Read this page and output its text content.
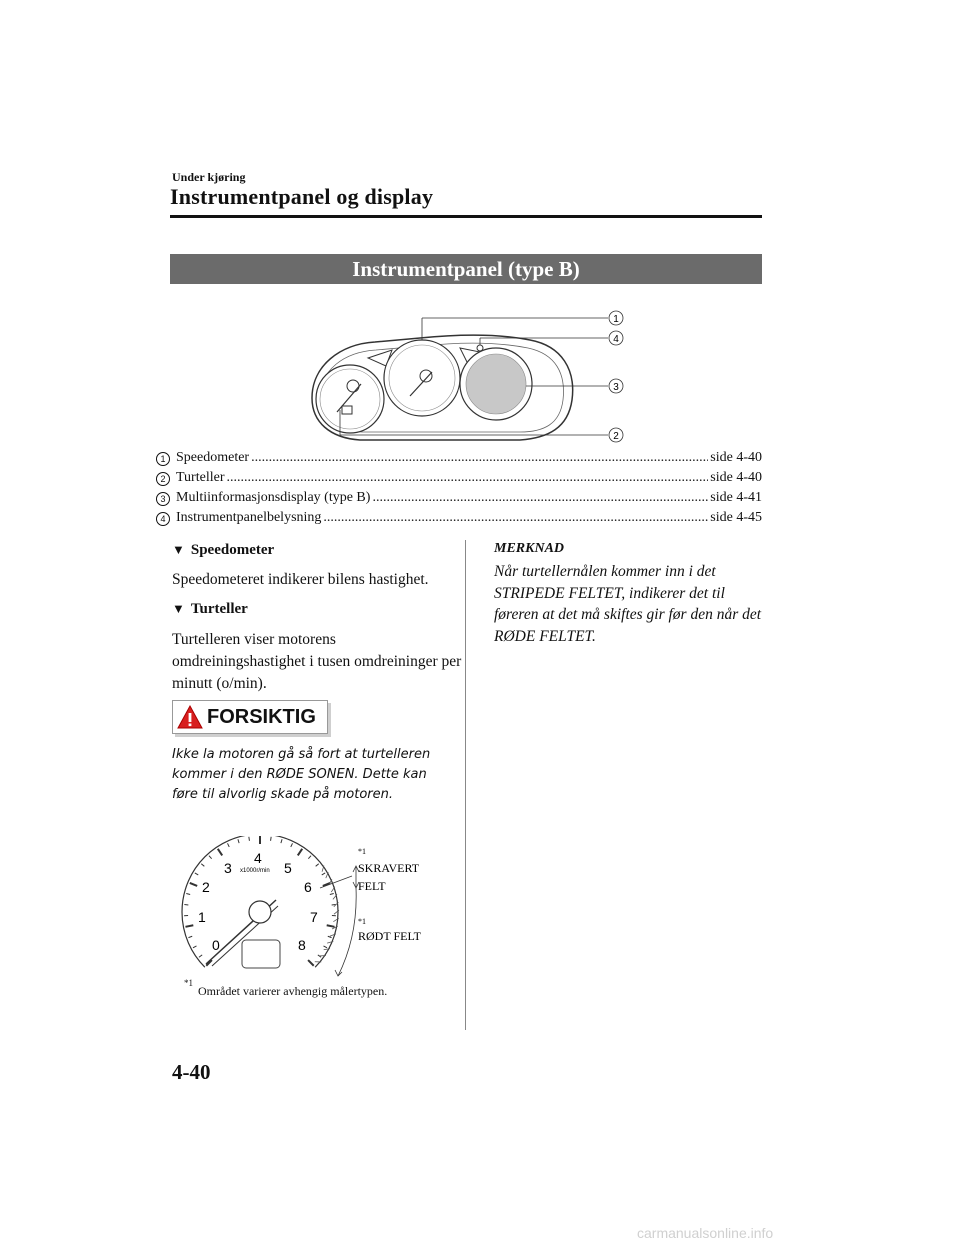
Under kjøring
Instrumentpanel og display
Instrumentpanel (type B)
1
4
3
2
1 Speedometer .....	side 4-40
2 Turteller .....	side 4-40
3 Multiinformasjonsdisplay (type B) .....	side 4-41
4 Instrumentpanelbelysning .....	side 4-45
▼ Speedometer
Speedometeret indikerer bilens hastighet.
▼ Turteller
Turtelleren viser motorens omdreiningshastighet i tusen omdreininger per minutt (o/min).
FORSIKTIG
Ikke la motoren gå så fort at turtelleren kommer i den RØDE SONEN. Dette kan føre til alvorlig skade på motoren.
0
1
2
3
4
x1000r/min 5
6
7
8
*1
SKRAVERT FELT
*1
RØDT FELT
*1
Området varierer avhengig målertypen.
MERKNAD
Når turtellernålen kommer inn i det STRIPEDE FELTET, indikerer det til føreren at det må skiftes gir før den når det RØDE FELTET.
4-40
carmanualsonline.info
